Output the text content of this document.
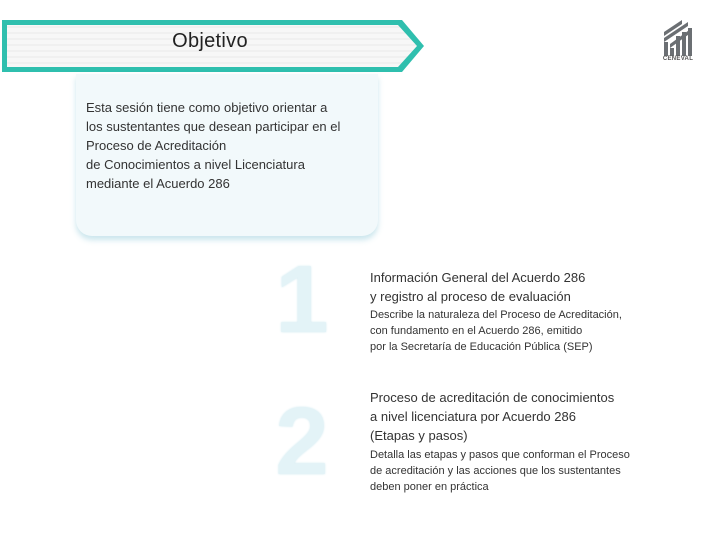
Objetivo
CENEVAL
Esta sesión tiene como objetivo orientar a
los sustentantes que desean participar en el
Proceso de Acreditación
de Conocimientos a nivel Licenciatura
mediante el Acuerdo 286
1	Información General del Acuerdo 286
y registro al proceso de evaluación
Describe la naturaleza del Proceso de Acreditación,
con fundamento en el Acuerdo 286, emitido
por la Secretaría de Educación Pública (SEP)
2	Proceso de acreditación de conocimientos
a nivel licenciatura por Acuerdo 286
(Etapas y pasos)
Detalla las etapas y pasos que conforman el Proceso
de acreditación y las acciones que los sustentantes
deben poner en práctica
